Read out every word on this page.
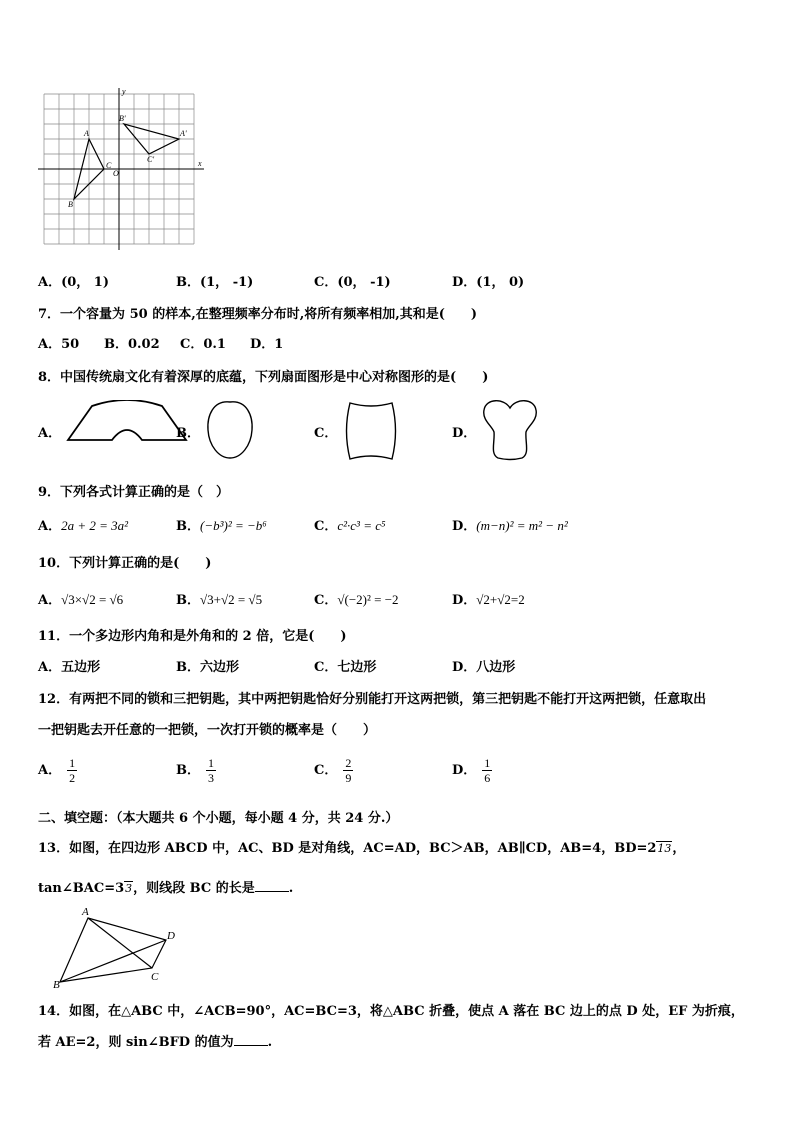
y
x
O
A
B
C
A'
B'
C'
A．(0， 1)	B．(1， -1)	C．(0， -1)	D．(1， 0)
7．一个容量为 50 的样本,在整理频率分布时,将所有频率相加,其和是(　　)
A．50 B．0.02 C．0.1 D．1
8．中国传统扇文化有着深厚的底蕴，下列扇面图形是中心对称图形的是(　　)
A．	B．	C．	D．
9．下列各式计算正确的是（　）
A．2a + 2 = 3a²	B．(−b³)² = −b⁶	C．c²·c³ = c⁵	D．(m−n)² = m² − n²
10．下列计算正确的是(　　)
A．√3×√2 = √6	B．√3+√2 = √5	C．√(−2)² = −2	D．√2+√2=2
11．一个多边形内角和是外角和的 2 倍，它是(　　)
A．五边形	B．六边形	C．七边形	D．八边形
12．有两把不同的锁和三把钥匙，其中两把钥匙恰好分别能打开这两把锁，第三把钥匙不能打开这两把锁，任意取出
一把钥匙去开任意的一把锁，一次打开锁的概率是（　　）
A． $\frac{1}{2}$	B． $\frac{1}{3}$	C． $\frac{2}{9}$	D． $\frac{1}{6}$
二、填空题：（本大题共 6 个小题，每小题 4 分，共 24 分.）
13．如图，在四边形 ABCD 中，AC、BD 是对角线，AC=AD，BC＞AB，AB∥CD，AB=4，BD=213，
tan∠BAC=33，则线段 BC 的长是	.
A
B
C
D
14．如图，在△ABC 中，∠ACB=90°，AC=BC=3，将△ABC 折叠，使点 A 落在 BC 边上的点 D 处，EF 为折痕，
若 AE=2，则 sin∠BFD 的值为	.
